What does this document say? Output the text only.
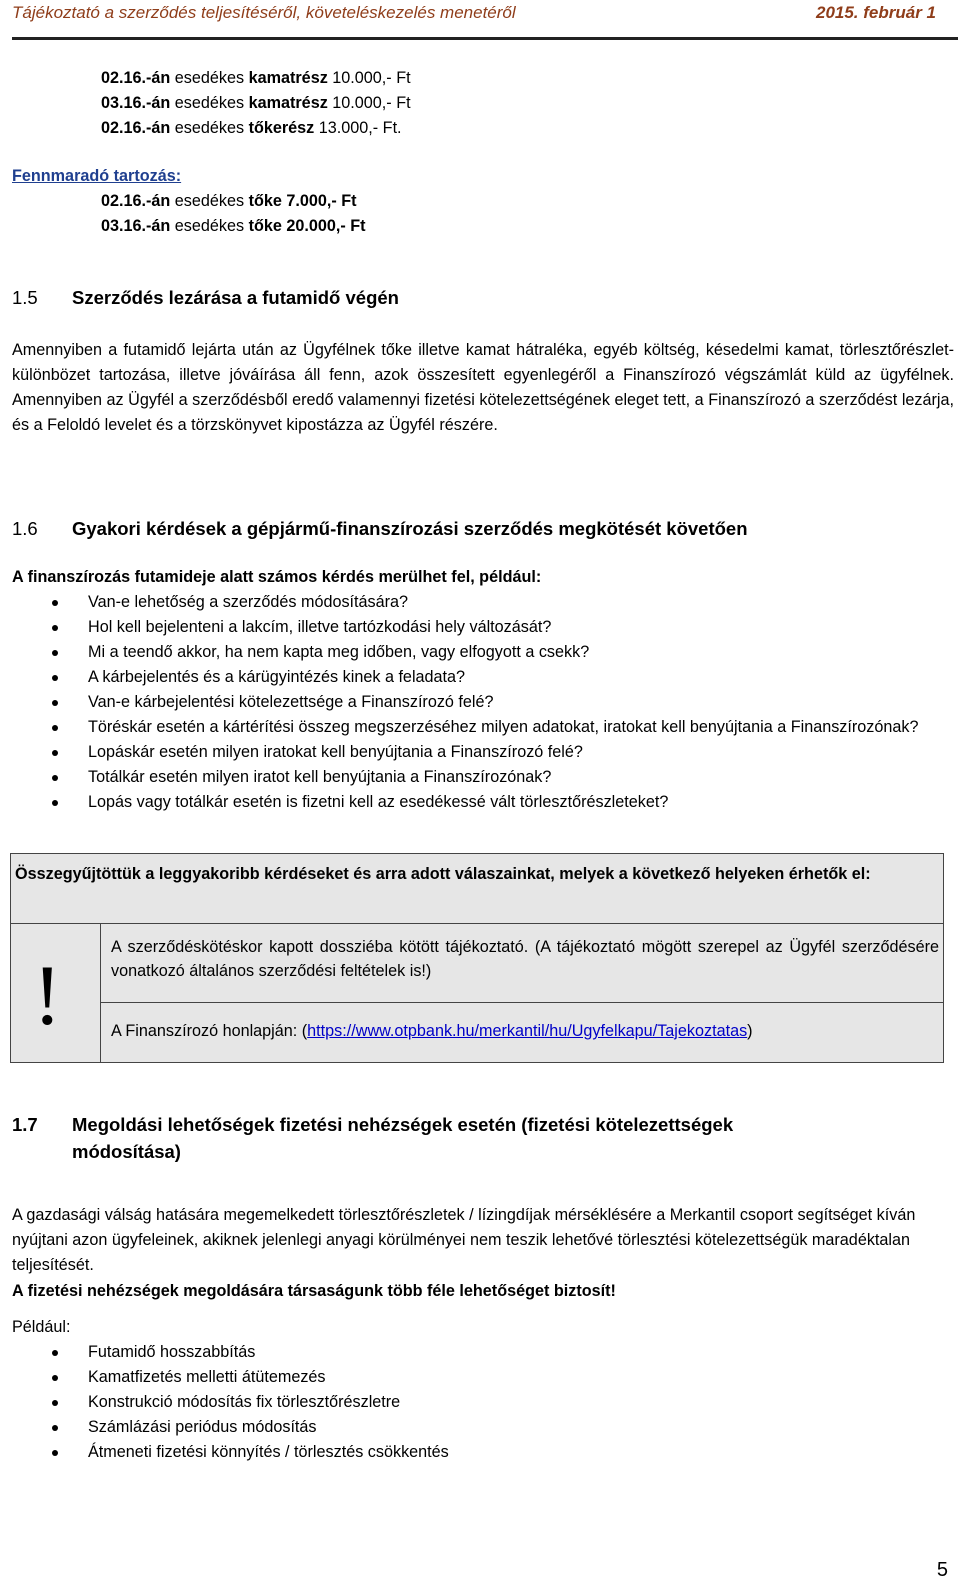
Tájékoztató a szerződés teljesítéséről, követeléskezelés menetéről	2015. február 1
02.16.-án esedékes kamatrész 10.000,- Ft
03.16.-án esedékes kamatrész 10.000,- Ft
02.16.-án esedékes tőkerész 13.000,- Ft.
Fennmaradó tartozás:
02.16.-án esedékes tőke 7.000,- Ft
03.16.-án esedékes tőke 20.000,- Ft
1.5 Szerződés lezárása a futamidő végén
Amennyiben a futamidő lejárta után az Ügyfélnek tőke illetve kamat hátraléka, egyéb költség, késedelmi kamat, törlesztőrészlet-különbözet tartozása, illetve jóváírása áll fenn, azok összesített egyenlegéről a Finanszírozó végszámlát küld az ügyfélnek. Amennyiben az Ügyfél a szerződésből eredő valamennyi fizetési kötelezettségének eleget tett, a Finanszírozó a szerződést lezárja, és a Feloldó levelet és a törzskönyvet kipostázza az Ügyfél részére.
1.6 Gyakori kérdések a gépjármű-finanszírozási szerződés megkötését követően
A finanszírozás futamideje alatt számos kérdés merülhet fel, például:
Van-e lehetőség a szerződés módosítására?
Hol kell bejelenteni a lakcím, illetve tartózkodási hely változását?
Mi a teendő akkor, ha nem kapta meg időben, vagy elfogyott a csekk?
A kárbejelentés és a kárügyintézés kinek a feladata?
Van-e kárbejelentési kötelezettsége a Finanszírozó felé?
Töréskár esetén a kártérítési összeg megszerzéséhez milyen adatokat, iratokat kell benyújtania a Finanszírozónak?
Lopáskár esetén milyen iratokat kell benyújtania a Finanszírozó felé?
Totálkár esetén milyen iratot kell benyújtania a Finanszírozónak?
Lopás vagy totálkár esetén is fizetni kell az esedékessé vált törlesztőrészleteket?
Összegyűjtöttük a leggyakoribb kérdéseket és arra adott válaszainkat, melyek a következő helyeken érhetők el:
!	A szerződéskötéskor kapott dossziéba kötött tájékoztató. (A tájékoztató mögött szerepel az Ügyfél szerződésére vonatkozó általános szerződési feltételek is!)
A Finanszírozó honlapján: (https://www.otpbank.hu/merkantil/hu/Ugyfelkapu/Tajekoztatas)
1.7 Megoldási lehetőségek fizetési nehézségek esetén (fizetési kötelezettségek
módosítása)
A gazdasági válság hatására megemelkedett törlesztőrészletek / lízingdíjak mérséklésére a Merkantil csoport segítséget kíván nyújtani azon ügyfeleinek, akiknek jelenlegi anyagi körülményei nem teszik lehetővé törlesztési kötelezettségük maradéktalan teljesítését.
A fizetési nehézségek megoldására társaságunk több féle lehetőséget biztosít!
Például:
Futamidő hosszabbítás
Kamatfizetés melletti átütemezés
Konstrukció módosítás fix törlesztőrészletre
Számlázási periódus módosítás
Átmeneti fizetési könnyítés / törlesztés csökkentés
5
